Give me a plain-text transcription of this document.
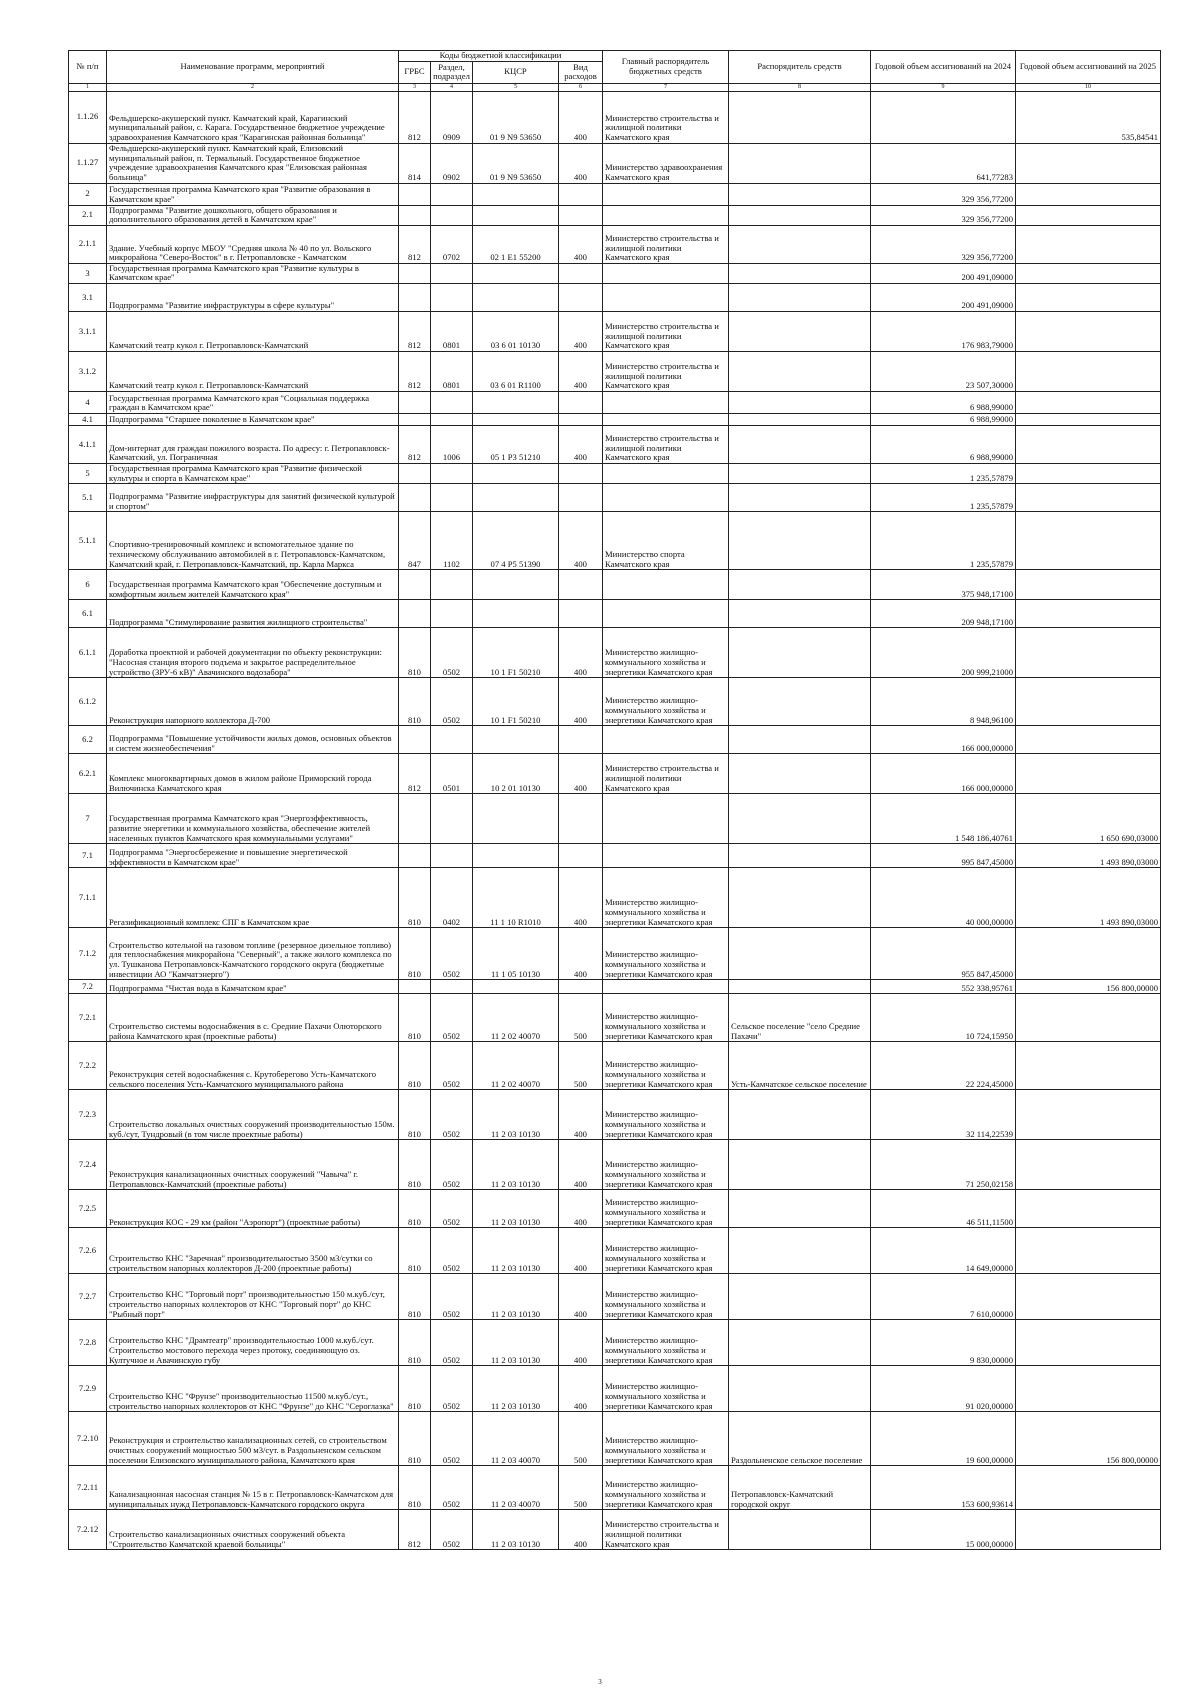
№ п/п	Наименование программ, мероприятий	Коды бюджетной классификации				Главный распорядитель бюджетных средств	Распорядитель средств	Годовой объем ассигнований на 2024	Годовой объем ассигнований на 2025
		ГРБС	Раздел, подраздел	КЦСР	Вид расходов				
1	2	3	4	5	6	7	8	9	10
1.1.26	Фельдшерско-акушерский пункт. Камчатский край, Карагинский муниципальный район, с. Карага. Государственное бюджетное учреждение здравоохранения Камчатского края "Карагинская районная больница"	812	0909	01 9 N9 53650	400	Министерство строительства и жилищной политики Камчатского края			535,84541
1.1.27	Фельдшерско-акушерский пункт. Камчатский край, Елизовский муниципальный район, п. Термальный. Государственное бюджетное учреждение здравоохранения Камчатского края "Елизовская районная больница"	814	0902	01 9 N9 53650	400	Министерство здравоохранения Камчатского края		641,77283	
2	Государственная программа Камчатского края "Развитие образования в Камчатском крае"							329 356,77200	
2.1	Подпрограмма "Развитие дошкольного, общего образования и дополнительного образования детей в Камчатском крае"							329 356,77200	
2.1.1	Здание. Учебный корпус МБОУ "Средняя школа № 40 по ул. Вольского микрорайона "Северо-Восток" в г. Петропавловске - Камчатском	812	0702	02 1 E1 55200	400	Министерство строительства и жилищной политики Камчатского края		329 356,77200	
3	Государственная программа Камчатского края "Развитие культуры в Камчатском крае"							200 491,09000	
3.1	Подпрограмма "Развитие инфраструктуры в сфере культуры"							200 491,09000	
3.1.1	Камчатский театр кукол г. Петропавловск-Камчатский	812	0801	03 6 01 10130	400	Министерство строительства и жилищной политики Камчатского края		176 983,79000	
3.1.2	Камчатский театр кукол г. Петропавловск-Камчатский	812	0801	03 6 01 R1100	400	Министерство строительства и жилищной политики Камчатского края		23 507,30000	
4	Государственная программа Камчатского края "Социальная поддержка граждан в Камчатском крае"							6 988,99000	
4.1	Подпрограмма "Старшее поколение в Камчатском крае"							6 988,99000	
4.1.1	Дом-интернат для граждан пожилого возраста. По адресу: г. Петропавловск-Камчатский, ул. Пограничная	812	1006	05 1 P3 51210	400	Министерство строительства и жилищной политики Камчатского края		6 988,99000	
5	Государственная программа Камчатского края "Развитие физической культуры и спорта в Камчатском крае"							1 235,57879	
5.1	Подпрограмма "Развитие инфраструктуры для занятий физической культурой и спортом"							1 235,57879	
5.1.1	Спортивно-тренировочный комплекс и вспомогательное здание по техническому обслуживанию автомобилей в г. Петропавловск-Камчатском, Камчатский край, г. Петропавловск-Камчатский, пр. Карла Маркса	847	1102	07 4 P5 51390	400	Министерство спорта Камчатского края		1 235,57879	
6	Государственная программа Камчатского края "Обеспечение доступным и комфортным жильем жителей Камчатского края"							375 948,17100	
6.1	Подпрограмма "Стимулирование развития жилищного строительства"							209 948,17100	
6.1.1	Доработка проектной и рабочей документации по объекту реконструкции: "Насосная станция второго подъема и закрытое распределительное устройство (ЗРУ-6 кВ)" Авачинского водозабора"	810	0502	10 1 F1 50210	400	Министерство жилищно-коммунального хозяйства и энергетики Камчатского края		200 999,21000	
6.1.2	Реконструкция напорного коллектора Д-700	810	0502	10 1 F1 50210	400	Министерство жилищно-коммунального хозяйства и энергетики Камчатского края		8 948,96100	
6.2	Подпрограмма "Повышение устойчивости жилых домов, основных объектов и систем жизнеобеспечения"							166 000,00000	
6.2.1	Комплекс многоквартирных домов в жилом районе Приморский города Вилючинска Камчатского края	812	0501	10 2 01 10130	400	Министерство строительства и жилищной политики Камчатского края		166 000,00000	
7	Государственная программа Камчатского края "Энергоэффективность, развитие энергетики и коммунального хозяйства, обеспечение жителей населенных пунктов Камчатского края коммунальными услугами"							1 548 186,40761	1 650 690,03000
7.1	Подпрограмма "Энергосбережение и повышение энергетической эффективности в Камчатском крае"							995 847,45000	1 493 890,03000
7.1.1	Регазификационный комплекс СПГ в Камчатском крае	810	0402	11 1 10 R1010	400	Министерство жилищно-коммунального хозяйства и энергетики Камчатского края		40 000,00000	1 493 890,03000
7.1.2	Строительство котельной на газовом топливе (резервное дизельное топливо) для теплоснабжения микрорайона "Северный", а также жилого комплекса по ул. Тушканова Петропавловск-Камчатского городского округа (бюджетные инвестиции АО "Камчатэнерго")	810	0502	11 1 05 10130	400	Министерство жилищно-коммунального хозяйства и энергетики Камчатского края		955 847,45000	
7.2	Подпрограмма "Чистая вода в Камчатском крае"							552 338,95761	156 800,00000
7.2.1	Строительство системы водоснабжения в с. Средние Пахачи Олюторского района Камчатского края (проектные работы)	810	0502	11 2 02 40070	500	Министерство жилищно-коммунального хозяйства и энергетики Камчатского края	Сельское поселение "село Средние Пахачи"	10 724,15950	
7.2.2	Реконструкция сетей водоснабжения с. Крутоберегово Усть-Камчатского сельского поселения Усть-Камчатского муниципального района	810	0502	11 2 02 40070	500	Министерство жилищно-коммунального хозяйства и энергетики Камчатского края	Усть-Камчатское сельское поселение	22 224,45000	
7.2.3	Строительство локальных очистных сооружений производительностью 150м. куб./сут, Тундровый (в том числе проектные работы)	810	0502	11 2 03 10130	400	Министерство жилищно-коммунального хозяйства и энергетики Камчатского края		32 114,22539	
7.2.4	Реконструкция канализационных очистных сооружений "Чавыча" г. Петропавловск-Камчатский (проектные работы)	810	0502	11 2 03 10130	400	Министерство жилищно-коммунального хозяйства и энергетики Камчатского края		71 250,02158	
7.2.5	Реконструкция КОС - 29 км (район "Аэропорт") (проектные работы)	810	0502	11 2 03 10130	400	Министерство жилищно-коммунального хозяйства и энергетики Камчатского края		46 511,11500	
7.2.6	Строительство КНС "Заречная" производительностью 3500 м3/сутки со строительством напорных коллекторов Д-200 (проектные работы)	810	0502	11 2 03 10130	400	Министерство жилищно-коммунального хозяйства и энергетики Камчатского края		14 649,00000	
7.2.7	Строительство КНС "Торговый порт" производительностью 150 м.куб./сут, строительство напорных коллекторов от КНС "Торговый порт" до КНС "Рыбный порт"	810	0502	11 2 03 10130	400	Министерство жилищно-коммунального хозяйства и энергетики Камчатского края		7 610,00000	
7.2.8	Строительство КНС "Драмтеатр" производительностью 1000 м.куб./сут. Строительство мостового перехода через протоку, соединяющую оз. Култучное и Авачинскую губу	810	0502	11 2 03 10130	400	Министерство жилищно-коммунального хозяйства и энергетики Камчатского края		9 830,00000	
7.2.9	Строительство КНС "Фрунзе" производительностью 11500 м.куб./сут., строительство напорных коллекторов от КНС "Фрунзе" до КНС "Сероглазка"	810	0502	11 2 03 10130	400	Министерство жилищно-коммунального хозяйства и энергетики Камчатского края		91 020,00000	
7.2.10	Реконструкция и строительство канализационных сетей, со строительством очистных сооружений мощностью 500 м3/сут. в Раздольненском сельском поселении Елизовского муниципального района, Камчатского края	810	0502	11 2 03 40070	500	Министерство жилищно-коммунального хозяйства и энергетики Камчатского края	Раздольненское сельское поселение	19 600,00000	156 800,00000
7.2.11	Канализационная насосная станция № 15 в г. Петропавловск-Камчатском для муниципальных нужд Петропавловск-Камчатского городского округа	810	0502	11 2 03 40070	500	Министерство жилищно-коммунального хозяйства и энергетики Камчатского края	Петропавловск-Камчатский городской округ	153 600,93614	
7.2.12	Строительство канализационных очистных сооружений объекта "Строительство Камчатской краевой больницы"	812	0502	11 2 03 10130	400	Министерство строительства и жилищной политики Камчатского края		15 000,00000	
3
